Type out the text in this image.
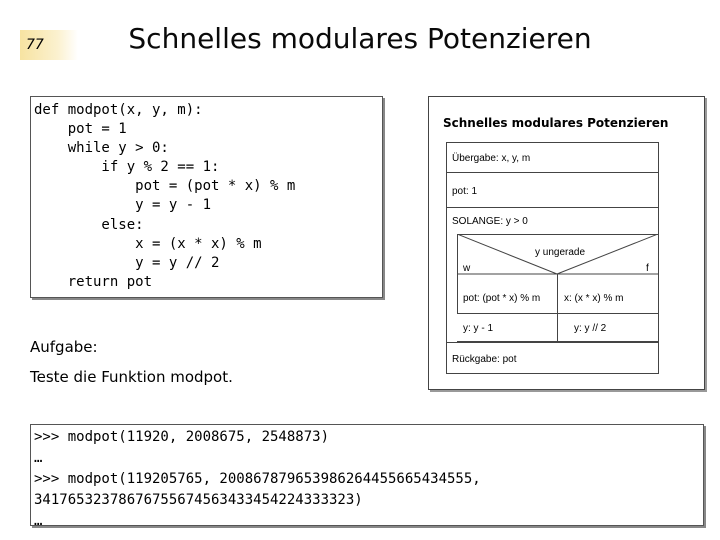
77	Schnelles modulares Potenzieren
def modpot(x, y, m):
pot = 1
while y > 0:
if y % 2 == 1:
pot = (pot * x) % m
y = y - 1
else:
x = (x * x) % m
y = y // 2
return pot
Schnelles modulares Potenzieren
Übergabe: x, y, m
pot: 1
SOLANGE: y > 0
y ungerade
w	f
pot: (pot * x) % m x: (x * x) % m
y: y - 1	y: y // 2
Rückgabe: pot
Aufgabe:
Teste die Funktion modpot.
>>> modpot(11920, 2008675, 2548873)
…
>>> modpot(119205765, 20086787965398626445566543455​5,
34176532378676755674563433454224333323)
…
